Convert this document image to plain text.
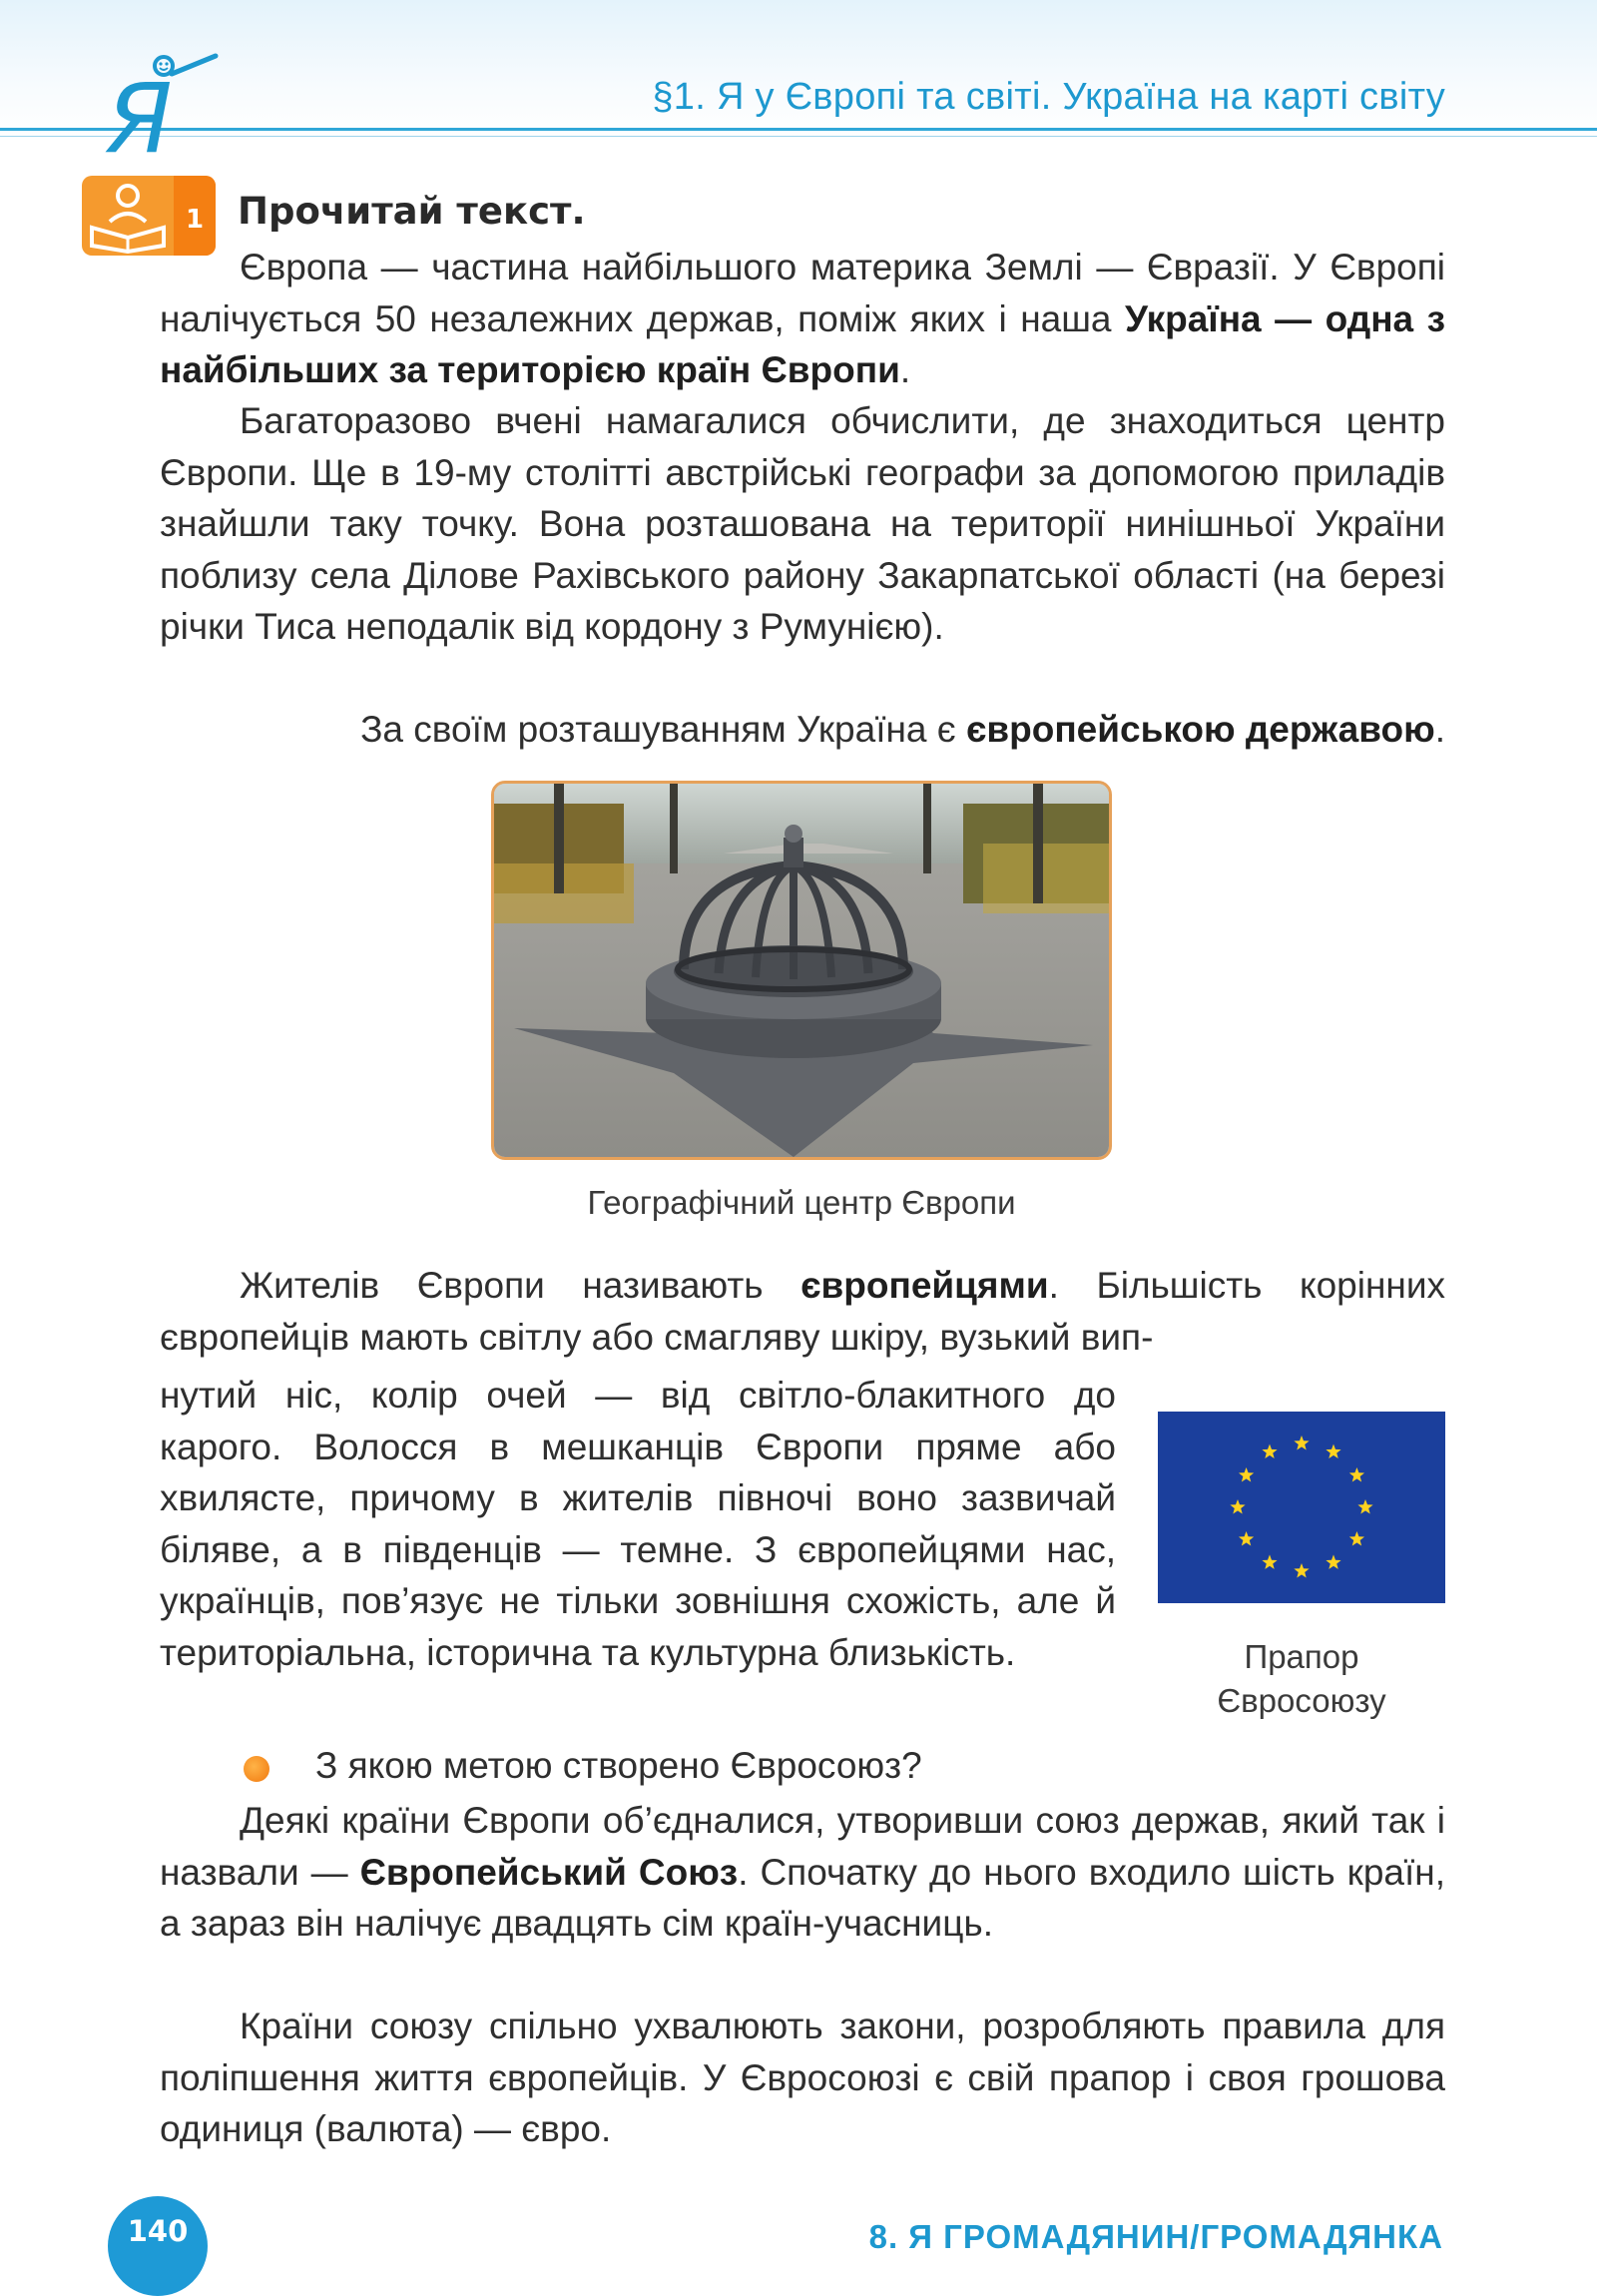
Я	§1. Я у Європі та світі. Україна на карті світу
1 Прочитай текст.

Європа — частина найбільшого материка Землі — Євразії. У Європі налічується 50 незалежних держав, поміж яких і наша Україна — одна з найбільших за територією країн Європи.

Багаторазово вчені намагалися обчислити, де знаходиться центр Європи. Ще в 19-му столітті австрійські географи за допомогою приладів знайшли таку точку. Вона розташована на території нинішньої України поблизу села Ділове Рахівського району Закарпатської області (на березі річки Тиса неподалік від кордону з Румунією).

За своїм розташуванням Україна є європейською державою.

Географічний центр Європи

Жителів Європи називають європейцями. Більшість корінних європейців мають світлу або смагляву шкіру, вузький вип-

Прапор
Євросоюзу
З якою метою створено Євросоюз?

Деякі країни Європи об’єдналися, утворивши союз держав, який так і назвали — Європейський Союз. Спочатку до нього входило шість країн, а зараз він налічує двадцять сім країн-учасниць.

Країни союзу спільно ухвалюють закони, розробляють правила для поліпшення життя європейців. У Євросоюзі є свій прапор і своя грошова одиниця (валюта) — євро.

140	8. Я ГРОМАДЯНИН/ГРОМАДЯНКА

нутий ніс, колір очей — від світло-блакитного до карого. Волосся в мешканців Європи пряме або хвилясте, причому в жителів півночі воно зазвичай біляве, а в південців — темне. З європейцями нас, українців, пов’язує не тільки зовнішня схожість, але й територіальна, історична та культурна близькість.
